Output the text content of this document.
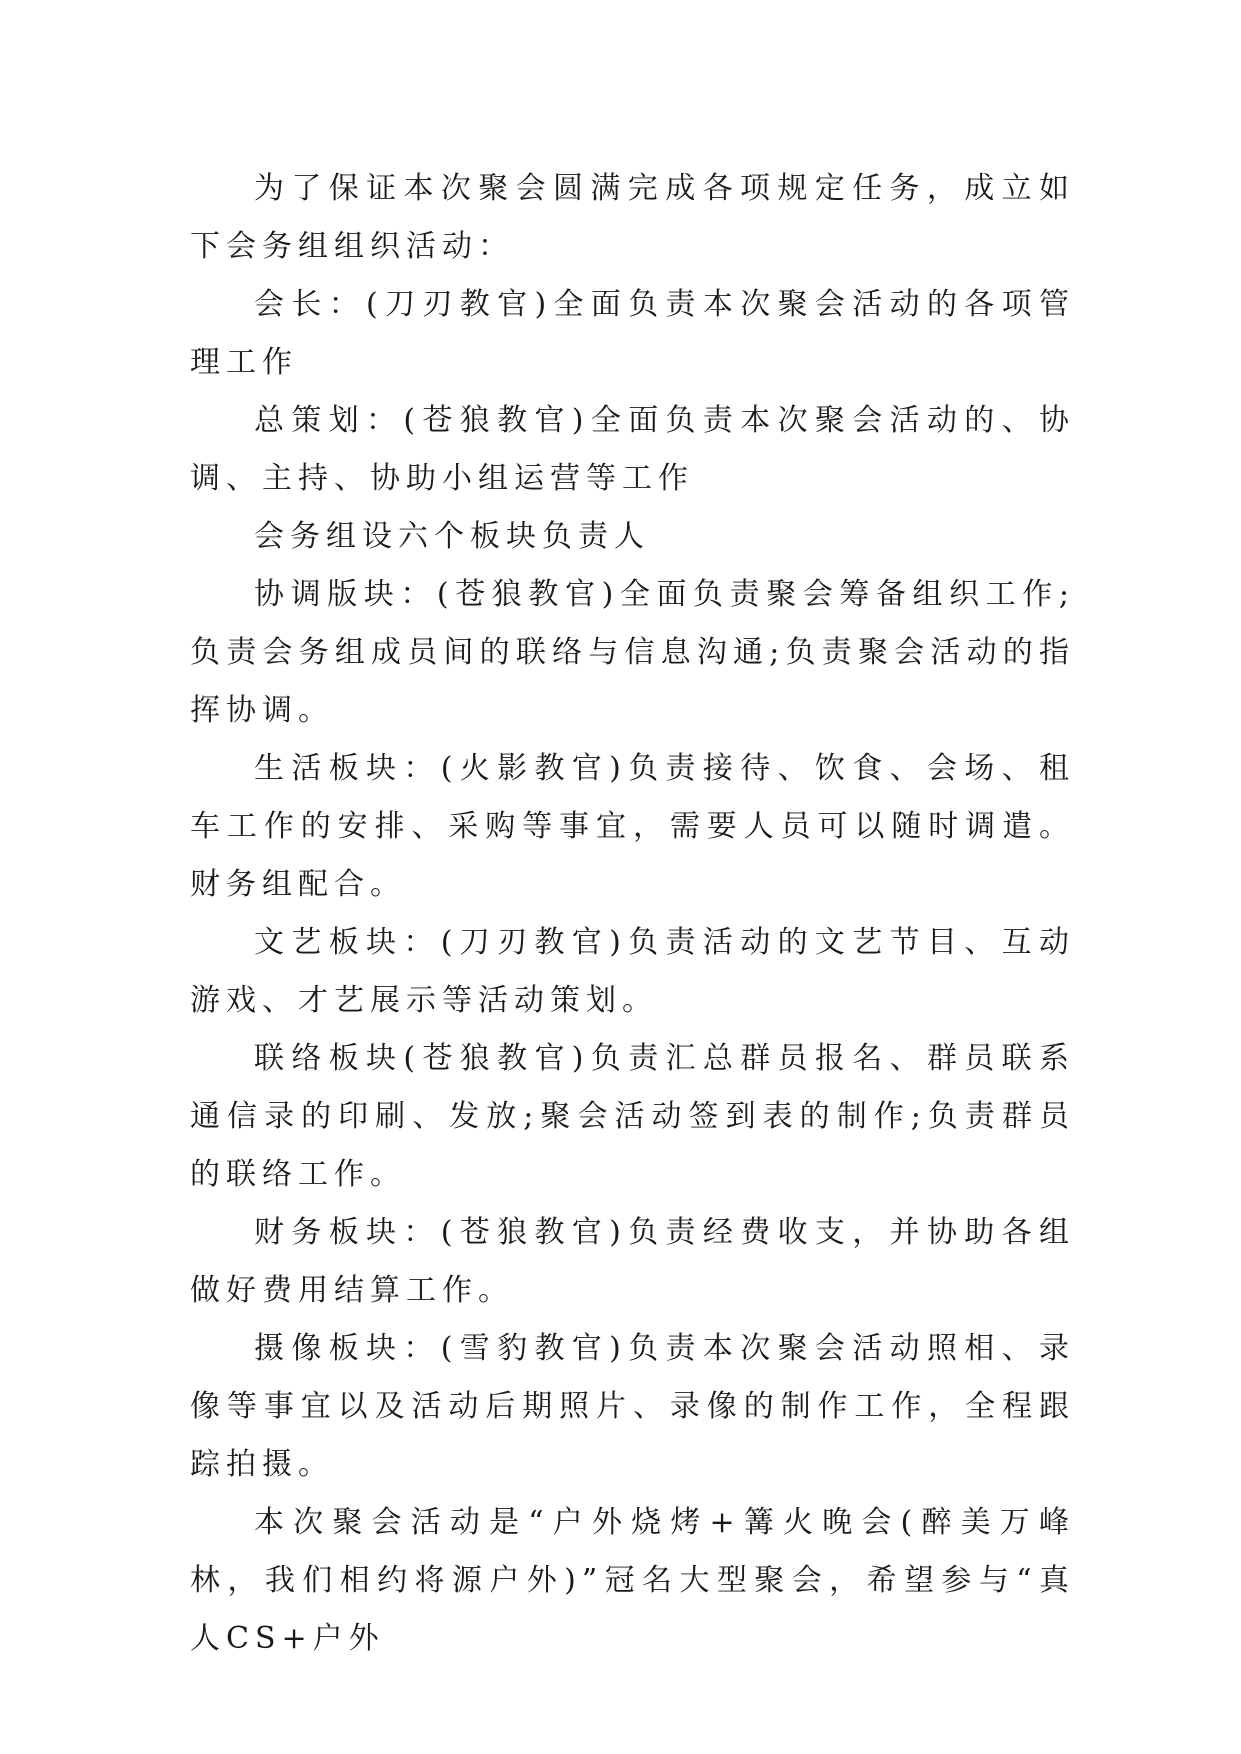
为了保证本次聚会圆满完成各项规定任务，成立如下会务组组织活动：

会长：(刀刃教官)全面负责本次聚会活动的各项管理工作

总策划：(苍狼教官)全面负责本次聚会活动的、协调、主持、协助小组运营等工作

会务组设六个板块负责人

协调版块：(苍狼教官)全面负责聚会筹备组织工作;负责会务组成员间的联络与信息沟通;负责聚会活动的指挥协调。

生活板块：(火影教官)负责接待、饮食、会场、租车工作的安排、采购等事宜，需要人员可以随时调遣。财务组配合。

文艺板块：(刀刃教官)负责活动的文艺节目、互动游戏、才艺展示等活动策划。

联络板块(苍狼教官)负责汇总群员报名、群员联系通信录的印刷、发放;聚会活动签到表的制作;负责群员的联络工作。

财务板块：(苍狼教官)负责经费收支，并协助各组做好费用结算工作。

摄像板块：(雪豹教官)负责本次聚会活动照相、录像等事宜以及活动后期照片、录像的制作工作，全程跟踪拍摄。

本次聚会活动是“户外烧烤+篝火晚会(醉美万峰林，我们相约将源户外)”冠名大型聚会，希望参与“真人CS+户外
